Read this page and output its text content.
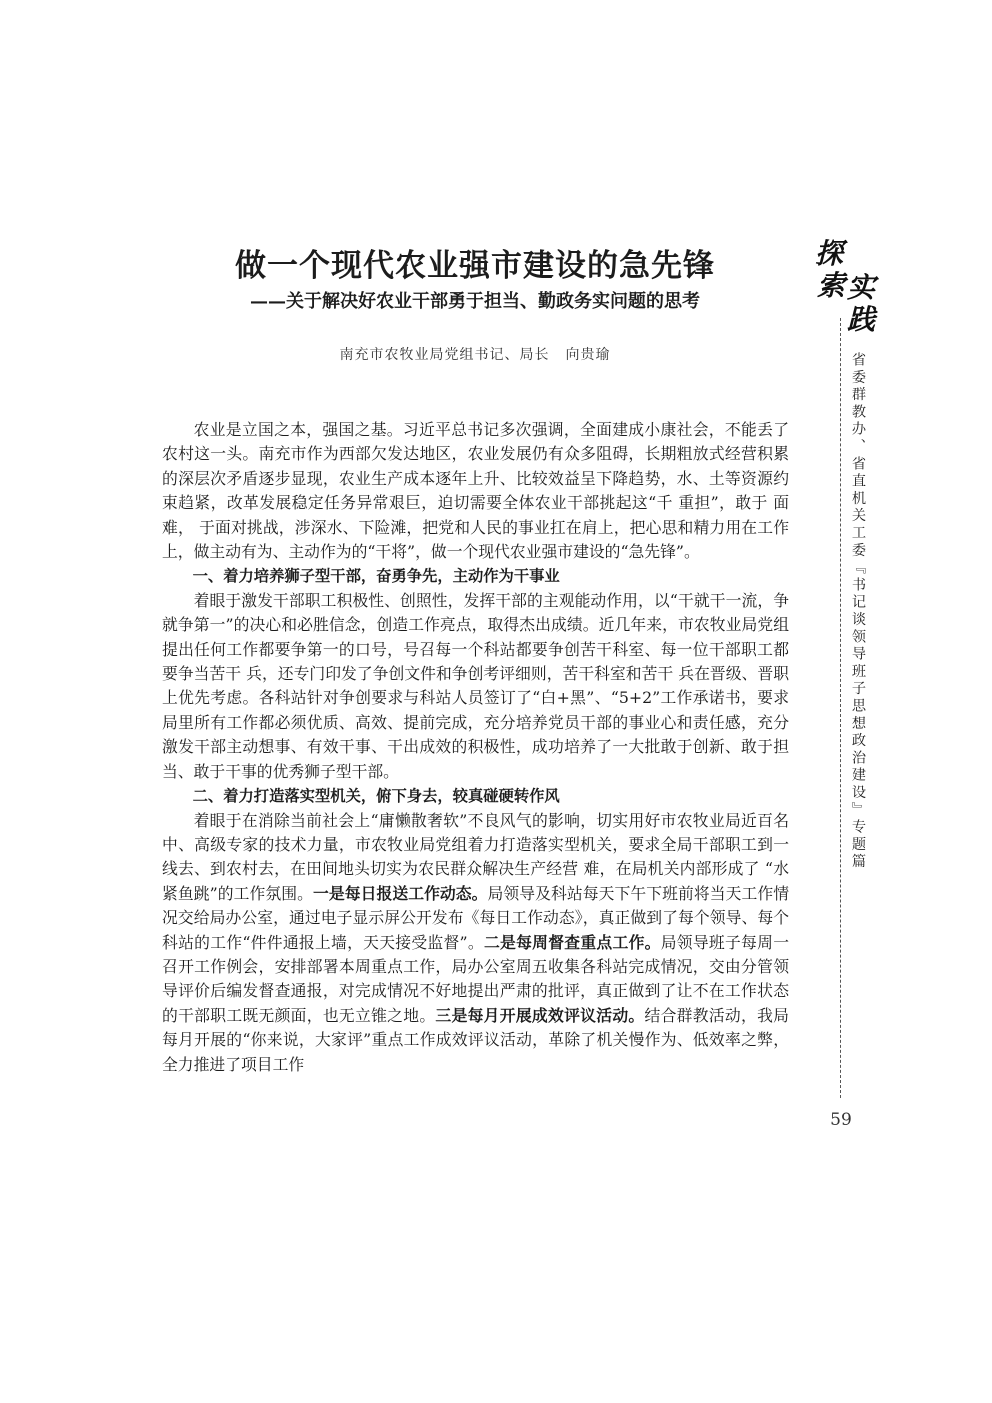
做一个现代农业强市建设的急先锋
——关于解决好农业干部勇于担当、勤政务实问题的思考
南充市农牧业局党组书记、局长 向贵瑜

农业是立国之本，强国之基。习近平总书记多次强调，全面建成小康社会，不能丢了农村这一头。南充市作为西部欠发达地区，农业发展仍有众多阻碍，长期粗放式经营积累的深层次矛盾逐步显现，农业生产成本逐年上升、比较效益呈下降趋势，水、土等资源约束趋紧，改革发展稳定任务异常艰巨，迫切需要全体农业干部挑起这“千 重担”，敢于 面 难， 于面对挑战，涉深水、下险滩，把党和人民的事业扛在肩上，把心思和精力用在工作上，做主动有为、主动作为的“干将”，做一个现代农业强市建设的“急先锋”。

一、着力培养狮子型干部，奋勇争先，主动作为干事业

着眼于激发干部职工积极性、创照性，发挥干部的主观能动作用，以“干就干一流，争就争第一”的决心和必胜信念，创造工作亮点，取得杰出成绩。近几年来，市农牧业局党组提出任何工作都要争第一的口号，号召每一个科站都要争创苦干科室、每一位干部职工都要争当苦干 兵，还专门印发了争创文件和争创考评细则，苦干科室和苦干 兵在晋级、晋职上优先考虑。各科站针对争创要求与科站人员签订了“白+黑”、“5+2”工作承诺书，要求局里所有工作都必须优质、高效、提前完成，充分培养党员干部的事业心和责任感，充分激发干部主动想事、有效干事、干出成效的积极性，成功培养了一大批敢于创新、敢于担当、敢于干事的优秀狮子型干部。

二、着力打造落实型机关，俯下身去，较真碰硬转作风

着眼于在消除当前社会上“庸懒散奢软”不良风气的影响，切实用好市农牧业局近百名中、高级专家的技术力量，市农牧业局党组着力打造落实型机关，要求全局干部职工到一线去、到农村去，在田间地头切实为农民群众解决生产经营 难，在局机关内部形成了 “水紧鱼跳”的工作氛围。一是每日报送工作动态。局领导及科站每天下午下班前将当天工作情况交给局办公室，通过电子显示屏公开发布《每日工作动态》，真正做到了每个领导、每个科站的工作“件件通报上墙，天天接受监督”。二是每周督查重点工作。局领导班子每周一召开工作例会，安排部署本周重点工作，局办公室周五收集各科站完成情况，交由分管领导评价后编发督查通报，对完成情况不好地提出严肃的批评，真正做到了让不在工作状态的干部职工既无颜面，也无立锥之地。三是每月开展成效评议活动。结合群教活动，我局每月开展的“你来说，大家评”重点工作成效评议活动，革除了机关慢作为、低效率之弊，全力推进了项目工作

探
索 实
践
省委群教办、省直机关工委『书记谈领导班子思想政治建设』专题篇
59
